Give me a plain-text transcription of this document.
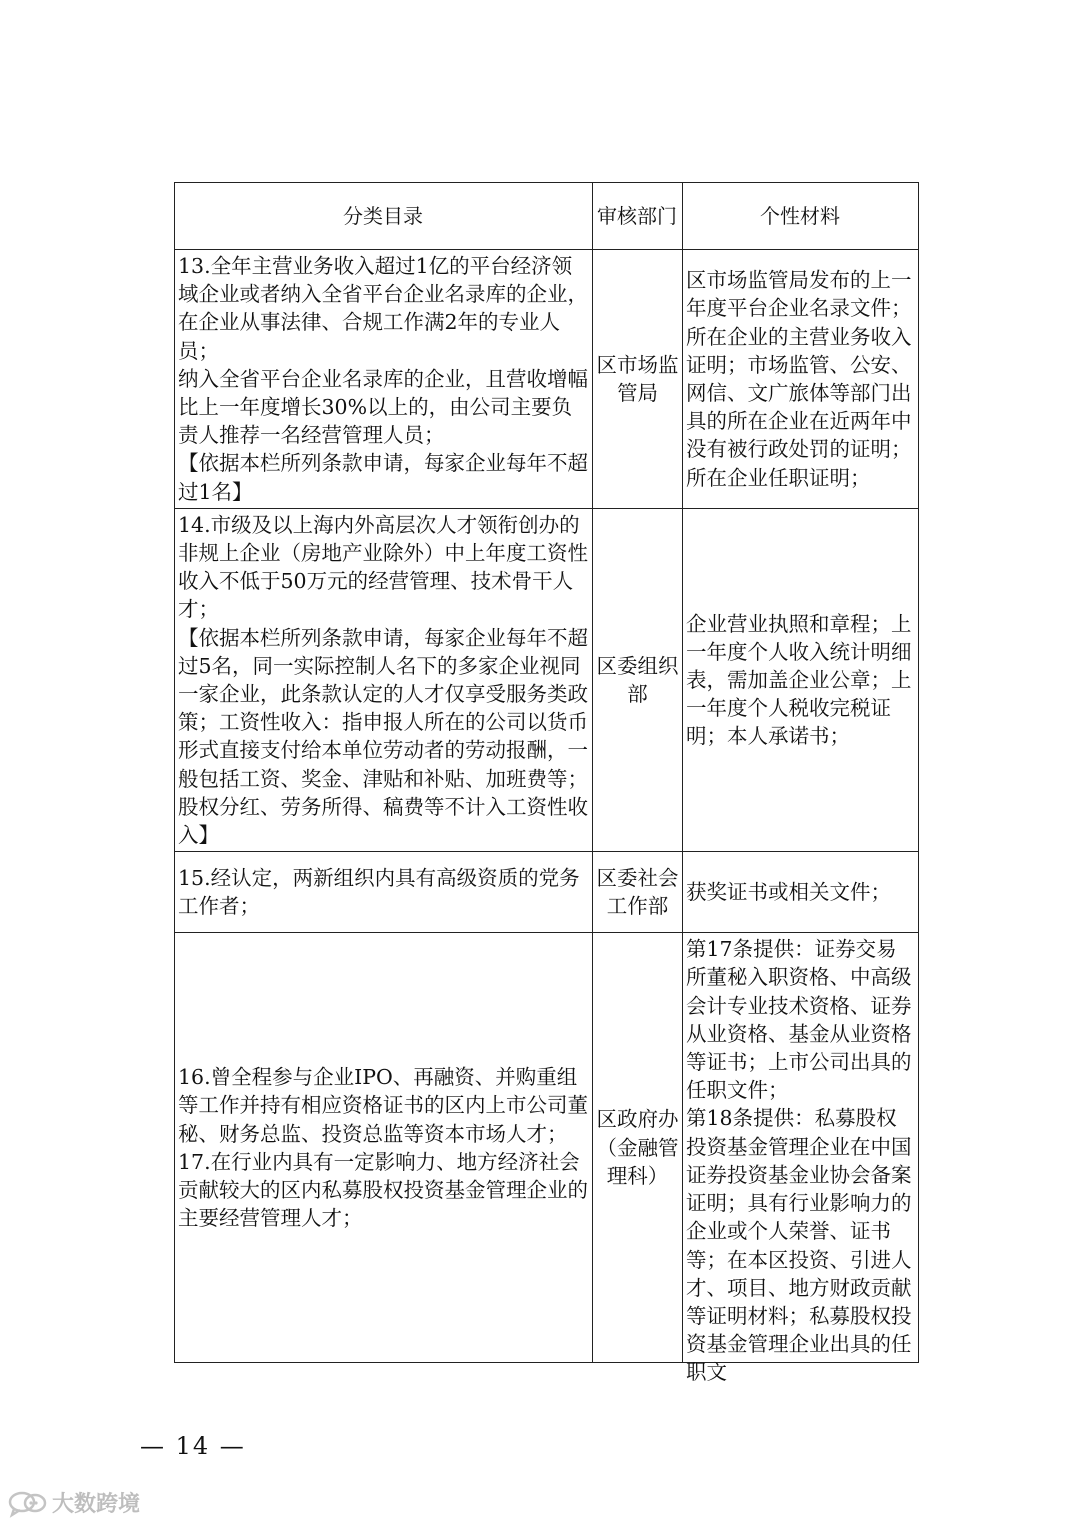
分类目录	审核部门	个性材料

13.全年主营业务收入超过1亿的平台经济领域企业或者纳入全省平台企业名录库的企业，在企业从事法律、合规工作满2年的专业人员；
纳入全省平台企业名录库的企业，且营收增幅比上一年度增长30%以上的，由公司主要负责人推荐一名经营管理人员；
【依据本栏所列条款申请，每家企业每年不超过1名】	区市场监管局	区市场监管局发布的上一年度平台企业名录文件；
所在企业的主营业务收入证明；市场监管、公安、网信、文广旅体等部门出具的所在企业在近两年中没有被行政处罚的证明；
所在企业任职证明；

14.市级及以上海内外高层次人才领衔创办的非规上企业（房地产业除外）中上年度工资性收入不低于50万元的经营管理、技术骨干人才；
【依据本栏所列条款申请，每家企业每年不超过5名，同一实际控制人名下的多家企业视同一家企业，此条款认定的人才仅享受服务类政策；工资性收入：指申报人所在的公司以货币形式直接支付给本单位劳动者的劳动报酬，一般包括工资、奖金、津贴和补贴、加班费等；股权分红、劳务所得、稿费等不计入工资性收入】	区委组织部	企业营业执照和章程；上一年度个人收入统计明细表，需加盖企业公章；上一年度个人税收完税证明；本人承诺书；

15.经认定，两新组织内具有高级资质的党务工作者；	区委社会工作部	获奖证书或相关文件；

16.曾全程参与企业IPO、再融资、并购重组等工作并持有相应资格证书的区内上市公司董秘、财务总监、投资总监等资本市场人才；
17.在行业内具有一定影响力、地方经济社会贡献较大的区内私募股权投资基金管理企业的主要经营管理人才；	区政府办（金融管理科）	第17条提供：证券交易所董秘入职资格、中高级会计专业技术资格、证券从业资格、基金从业资格等证书；上市公司出具的任职文件；
第18条提供：私募股权投资基金管理企业在中国证券投资基金业协会备案证明；具有行业影响力的企业或个人荣誉、证书等；在本区投资、引进人才、项目、地方财政贡献等证明材料；私募股权投资基金管理企业出具的任职文
— 14 —
大数跨境
